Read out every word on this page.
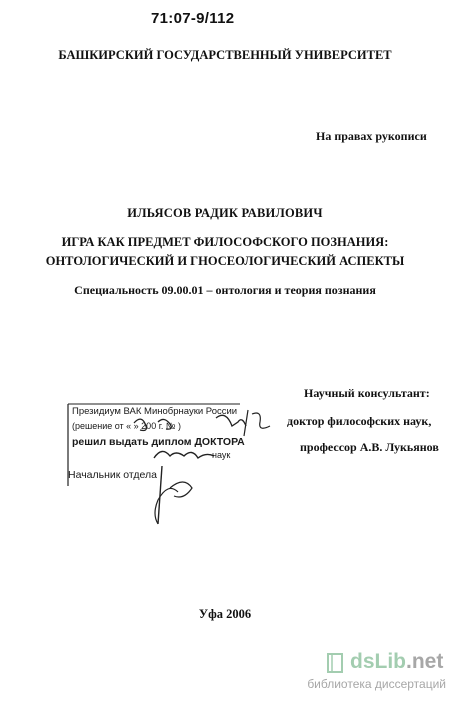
71:07-9/112
БАШКИРСКИЙ ГОСУДАРСТВЕННЫЙ УНИВЕРСИТЕТ
На правах рукописи
ИЛЬЯСОВ РАДИК РАВИЛОВИЧ
ИГРА КАК ПРЕДМЕТ ФИЛОСОФСКОГО ПОЗНАНИЯ:
ОНТОЛОГИЧЕСКИЙ И ГНОСЕОЛОГИЧЕСКИЙ АСПЕКТЫ
Специальность 09.00.01 – онтология и теория познания
Научный консультант:
доктор философских наук,
профессор А.В. Лукьянов
Президиум ВАК Минобрнауки России
(решение от « » 200 г. № )
решил выдать диплом ДОКТОРА
наук
Начальник отдела
Уфа 2006
dsLib.net
библиотека диссертаций
